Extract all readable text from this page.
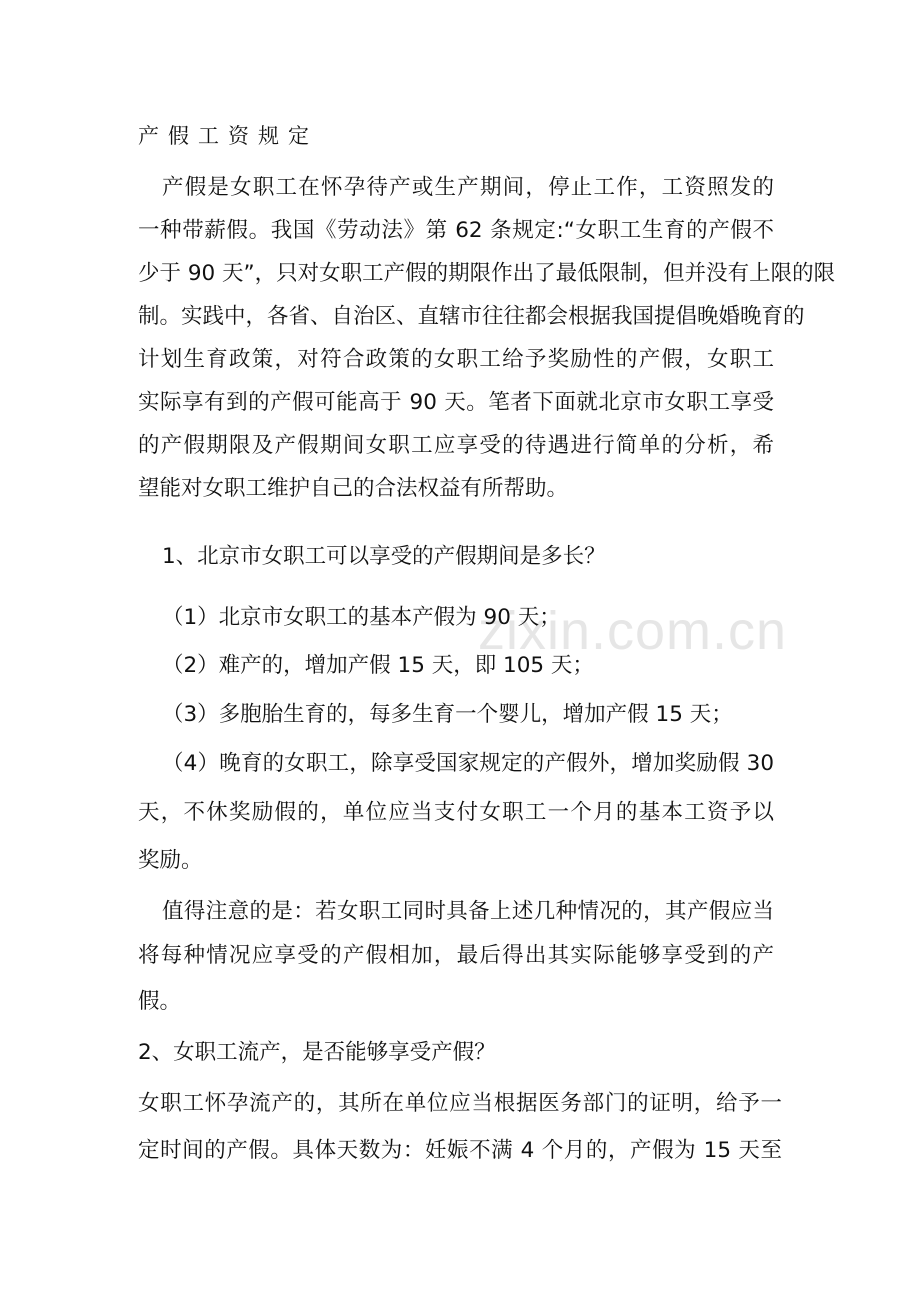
zixin.com.cn
产假工资规定
产假是女职工在怀孕待产或生产期间，停止工作，工资照发的
一种带薪假。我国《劳动法》第 62 条规定:“女职工生育的产假不
少于 90 天”，只对女职工产假的期限作出了最低限制，但并没有上限的限
制。实践中，各省、自治区、直辖市往往都会根据我国提倡晚婚晚育的
计划生育政策，对符合政策的女职工给予奖励性的产假，女职工
实际享有到的产假可能高于 90 天。笔者下面就北京市女职工享受
的产假期限及产假期间女职工应享受的待遇进行简单的分析，希
望能对女职工维护自己的合法权益有所帮助。
1、北京市女职工可以享受的产假期间是多长？
（1）北京市女职工的基本产假为 90 天；
（2）难产的，增加产假 15 天，即 105 天；
（3）多胞胎生育的，每多生育一个婴儿，增加产假 15 天；
（4）晚育的女职工，除享受国家规定的产假外，增加奖励假 30
天，不休奖励假的，单位应当支付女职工一个月的基本工资予以
奖励。
值得注意的是：若女职工同时具备上述几种情况的，其产假应当
将每种情况应享受的产假相加，最后得出其实际能够享受到的产
假。
2、女职工流产，是否能够享受产假？
女职工怀孕流产的，其所在单位应当根据医务部门的证明，给予一
定时间的产假。具体天数为：妊娠不满 4 个月的，产假为 15 天至
